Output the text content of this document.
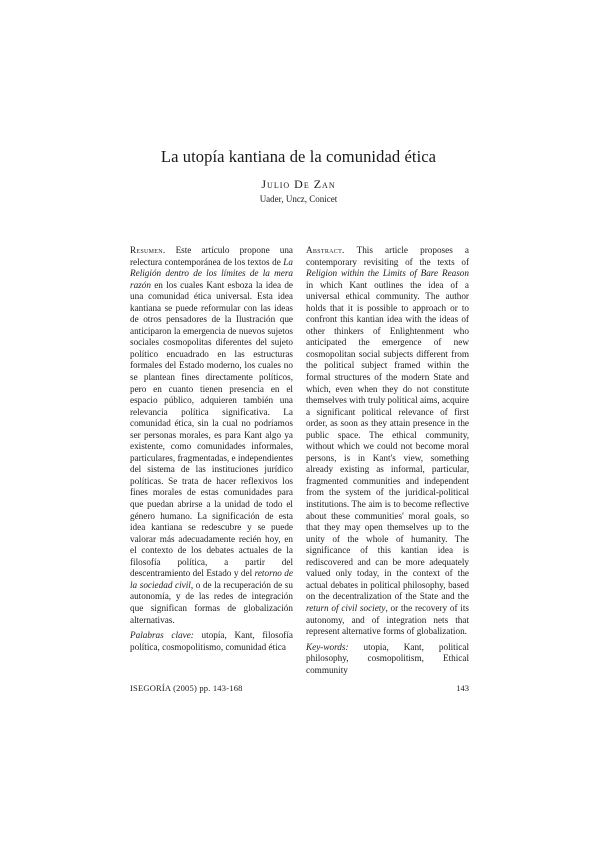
La utopía kantiana de la comunidad ética
Julio De Zan
Uader, Uncz, Conicet

Resumen. Este artículo propone una relectura contemporánea de los textos de La Religión dentro de los límites de la mera razón en los cuales Kant esboza la idea de una comunidad ética universal. Esta idea kantiana se puede reformular con las ideas de otros pensadores de la Ilustración que anticiparon la emergencia de nuevos sujetos sociales cosmopolitas diferentes del sujeto político encuadrado en las estructuras formales del Estado moderno, los cuales no se plantean fines directamente políticos, pero en cuanto tienen presencia en el espacio público, adquieren también una relevancia política significativa. La comunidad ética, sin la cual no podríamos ser personas morales, es para Kant algo ya existente, como comunidades informales, particulares, fragmentadas, e independientes del sistema de las instituciones jurídico políticas. Se trata de hacer reflexivos los fines morales de estas comunidades para que puedan abrirse a la unidad de todo el género humano. La significación de esta idea kantiana se redescubre y se puede valorar más adecuadamente recién hoy, en el contexto de los debates actuales de la filosofía política, a partir del descentramiento del Estado y del retorno de la sociedad civil, o de la recuperación de su autonomía, y de las redes de integración que significan formas de globalización alternativas.

Palabras clave: utopía, Kant, filosofía política, cosmopolitismo, comunidad ética

Abstract. This article proposes a contemporary revisiting of the texts of Religion within the Limits of Bare Reason in which Kant outlines the idea of a universal ethical community. The author holds that it is possible to approach or to confront this kantian idea with the ideas of other thinkers of Enlightenment who anticipated the emergence of new cosmopolitan social subjects different from the political subject framed within the formal structures of the modern State and which, even when they do not constitute themselves with truly political aims, acquire a significant political relevance of first order, as soon as they attain presence in the public space. The ethical community, without which we could not become moral persons, is in Kant's view, something already existing as informal, particular, fragmented communities and independent from the system of the juridical-political institutions. The aim is to become reflective about these communities' moral goals, so that they may open themselves up to the unity of the whole of humanity. The significance of this kantian idea is rediscovered and can be more adequately valued only today, in the context of the actual debates in political philosophy, based on the decentralization of the State and the return of civil society, or the recovery of its autonomy, and of integration nets that represent alternative forms of globalization.

Key-words: utopia, Kant, political philosophy, cosmopolitism, Ethical community

ISEGORÍA (2005) pp. 143-168	143
